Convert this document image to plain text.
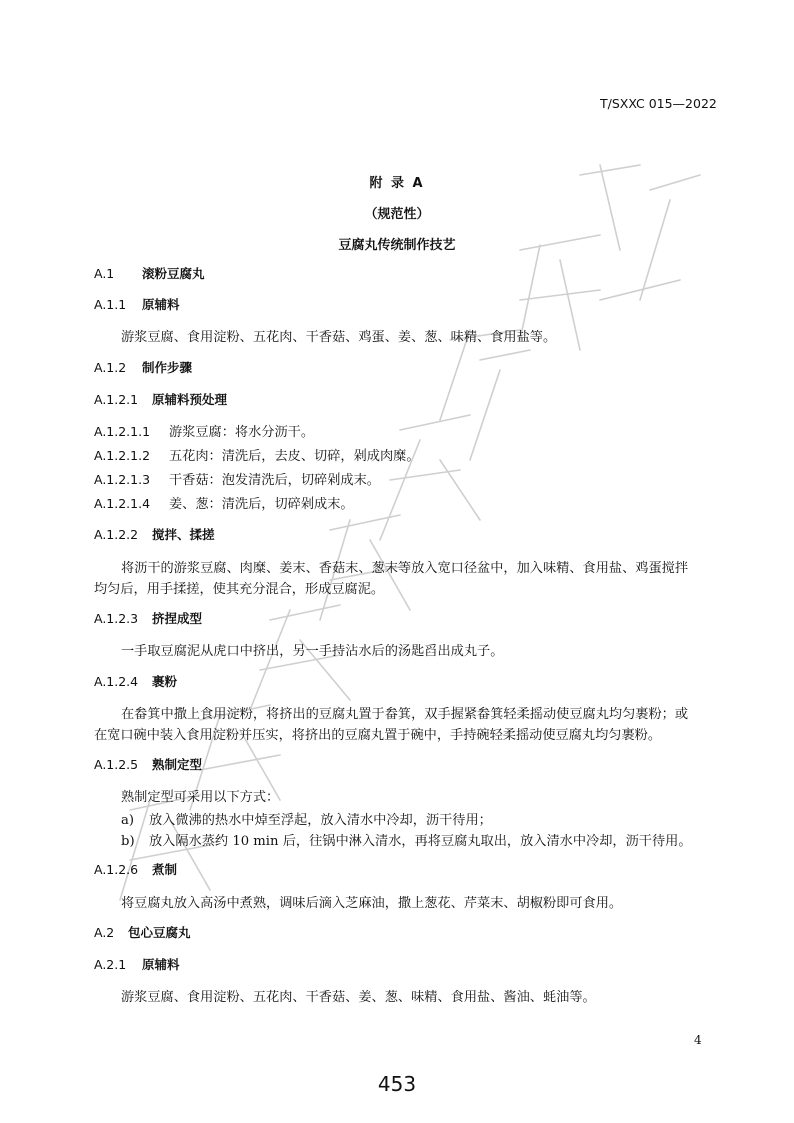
T/SXXC 015—2022
附 录 A
（规范性）
豆腐丸传统制作技艺
A.1 滚粉豆腐丸
A.1.1 原辅料
游浆豆腐、食用淀粉、五花肉、干香菇、鸡蛋、姜、葱、味精、食用盐等。
A.1.2 制作步骤
A.1.2.1 原辅料预处理
A.1.2.1.1 游浆豆腐：将水分沥干。
A.1.2.1.2 五花肉：清洗后，去皮、切碎，剁成肉糜。
A.1.2.1.3 干香菇：泡发清洗后，切碎剁成末。
A.1.2.1.4 姜、葱：清洗后，切碎剁成末。
A.1.2.2 搅拌、揉搓
将沥干的游浆豆腐、肉糜、姜末、香菇末、葱末等放入宽口径盆中，加入味精、食用盐、鸡蛋搅拌
均匀后，用手揉搓，使其充分混合，形成豆腐泥。
A.1.2.3 挤捏成型
一手取豆腐泥从虎口中挤出，另一手持沾水后的汤匙舀出成丸子。
A.1.2.4 裹粉
在畚箕中撒上食用淀粉，将挤出的豆腐丸置于畚箕，双手握紧畚箕轻柔摇动使豆腐丸均匀裹粉；或
在宽口碗中装入食用淀粉并压实，将挤出的豆腐丸置于碗中，手持碗轻柔摇动使豆腐丸均匀裹粉。
A.1.2.5 熟制定型
熟制定型可采用以下方式：
a) 放入微沸的热水中焯至浮起，放入清水中冷却，沥干待用；
b) 放入隔水蒸约 10 min 后，往锅中淋入清水，再将豆腐丸取出，放入清水中冷却，沥干待用。
A.1.2.6 煮制
将豆腐丸放入高汤中煮熟，调味后滴入芝麻油，撒上葱花、芹菜末、胡椒粉即可食用。
A.2 包心豆腐丸
A.2.1 原辅料
游浆豆腐、食用淀粉、五花肉、干香菇、姜、葱、味精、食用盐、酱油、蚝油等。
4
453
